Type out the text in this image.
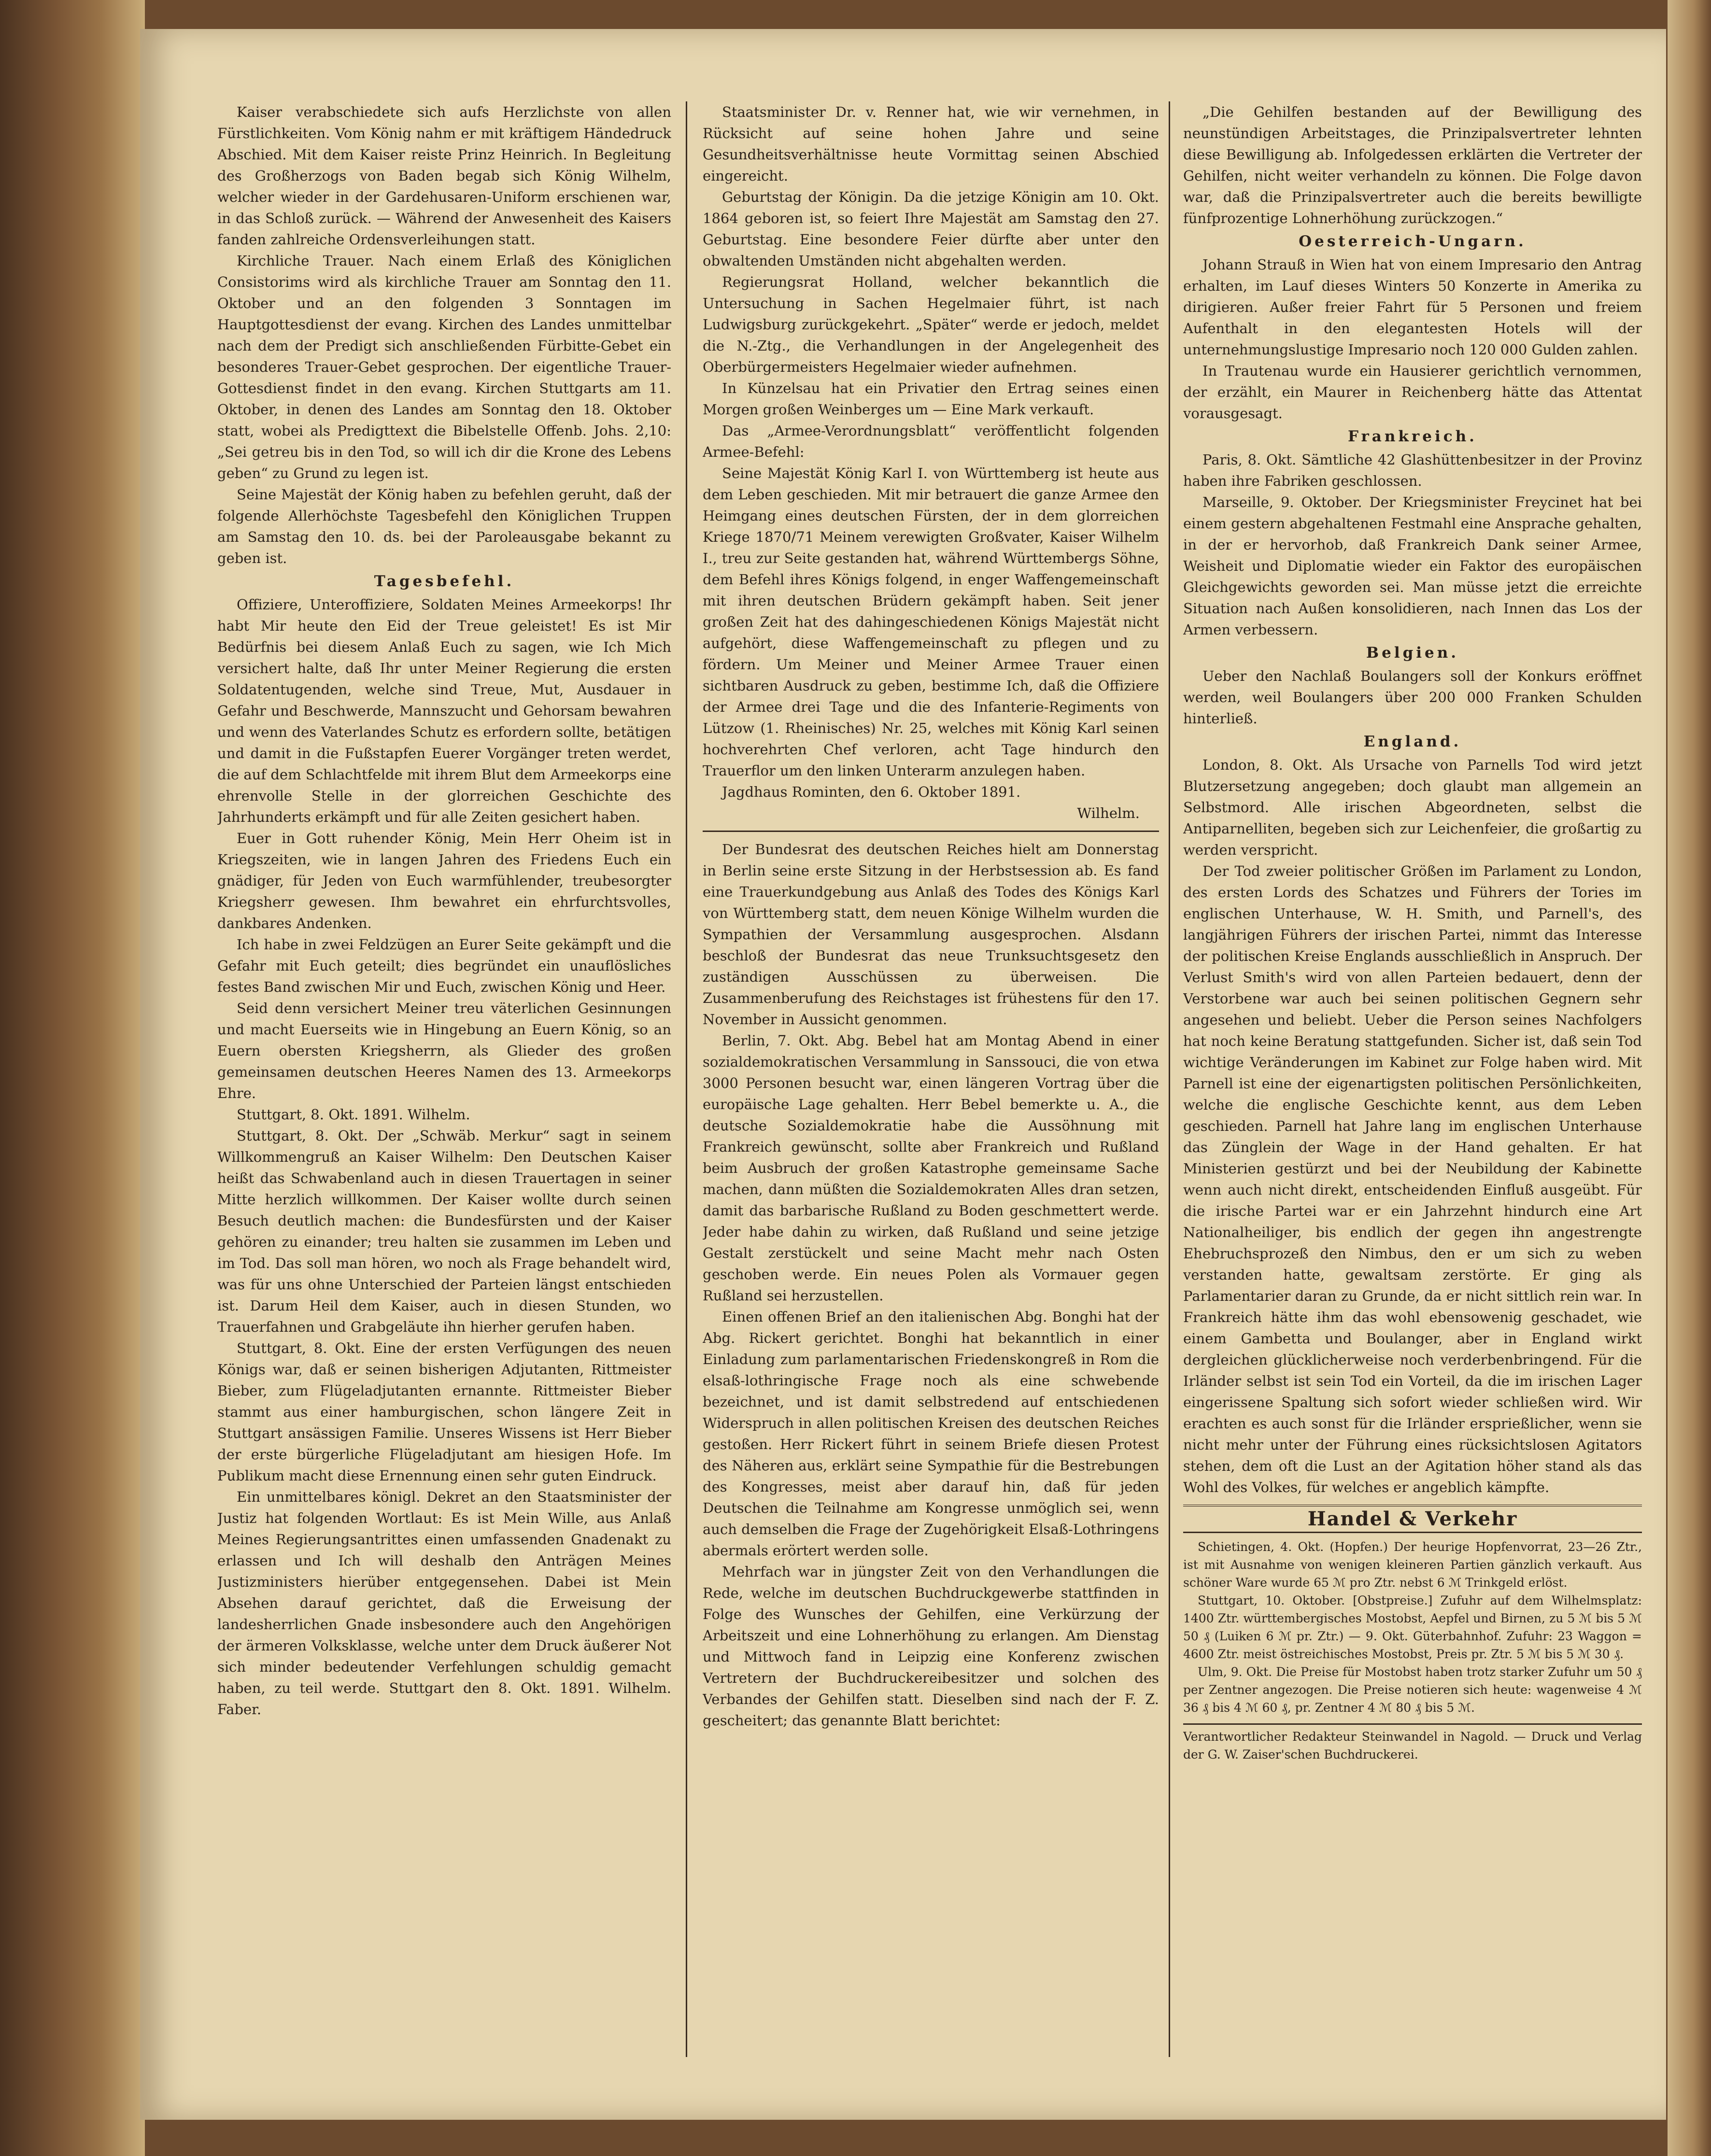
Kaiser verabschiedete sich aufs Herzlichste von allen Fürstlichkeiten. Vom König nahm er mit kräftigem Händedruck Abschied. Mit dem Kaiser reiste Prinz Heinrich. In Begleitung des Großherzogs von Baden begab sich König Wilhelm, welcher wieder in der Gardehusaren-Uniform erschienen war, in das Schloß zurück. — Während der Anwesenheit des Kaisers fanden zahlreiche Ordensverleihungen statt.

Kirchliche Trauer. Nach einem Erlaß des Königlichen Consistorims wird als kirchliche Trauer am Sonntag den 11. Oktober und an den folgenden 3 Sonntagen im Hauptgottesdienst der evang. Kirchen des Landes unmittelbar nach dem der Predigt sich anschließenden Fürbitte-Gebet ein besonderes Trauer-Gebet gesprochen. Der eigentliche Trauer-Gottesdienst findet in den evang. Kirchen Stuttgarts am 11. Oktober, in denen des Landes am Sonntag den 18. Oktober statt, wobei als Predigttext die Bibelstelle Offenb. Johs. 2,10: „Sei getreu bis in den Tod, so will ich dir die Krone des Lebens geben“ zu Grund zu legen ist.

Seine Majestät der König haben zu befehlen geruht, daß der folgende Allerhöchste Tagesbefehl den Königlichen Truppen am Samstag den 10. ds. bei der Paroleausgabe bekannt zu geben ist.

Tagesbefehl.

Offiziere, Unteroffiziere, Soldaten Meines Armeekorps! Ihr habt Mir heute den Eid der Treue geleistet! Es ist Mir Bedürfnis bei diesem Anlaß Euch zu sagen, wie Ich Mich versichert halte, daß Ihr unter Meiner Regierung die ersten Soldatentugenden, welche sind Treue, Mut, Ausdauer in Gefahr und Beschwerde, Mannszucht und Gehorsam bewahren und wenn des Vaterlandes Schutz es erfordern sollte, betätigen und damit in die Fußstapfen Euerer Vorgänger treten werdet, die auf dem Schlachtfelde mit ihrem Blut dem Armeekorps eine ehrenvolle Stelle in der glorreichen Geschichte des Jahrhunderts erkämpft und für alle Zeiten gesichert haben.

Euer in Gott ruhender König, Mein Herr Oheim ist in Kriegszeiten, wie in langen Jahren des Friedens Euch ein gnädiger, für Jeden von Euch warmfühlender, treubesorgter Kriegsherr gewesen. Ihm bewahret ein ehrfurchtsvolles, dankbares Andenken.

Ich habe in zwei Feldzügen an Eurer Seite gekämpft und die Gefahr mit Euch geteilt; dies begründet ein unauflösliches festes Band zwischen Mir und Euch, zwischen König und Heer.

Seid denn versichert Meiner treu väterlichen Gesinnungen und macht Euerseits wie in Hingebung an Euern König, so an Euern obersten Kriegsherrn, als Glieder des großen gemeinsamen deutschen Heeres Namen des 13. Armeekorps Ehre.

Stuttgart, 8. Okt. 1891. Wilhelm.

Stuttgart, 8. Okt. Der „Schwäb. Merkur“ sagt in seinem Willkommengruß an Kaiser Wilhelm: Den Deutschen Kaiser heißt das Schwabenland auch in diesen Trauertagen in seiner Mitte herzlich willkommen. Der Kaiser wollte durch seinen Besuch deutlich machen: die Bundesfürsten und der Kaiser gehören zu einander; treu halten sie zusammen im Leben und im Tod. Das soll man hören, wo noch als Frage behandelt wird, was für uns ohne Unterschied der Parteien längst entschieden ist. Darum Heil dem Kaiser, auch in diesen Stunden, wo Trauerfahnen und Grabgeläute ihn hierher gerufen haben.

Stuttgart, 8. Okt. Eine der ersten Verfügungen des neuen Königs war, daß er seinen bisherigen Adjutanten, Rittmeister Bieber, zum Flügeladjutanten ernannte. Rittmeister Bieber stammt aus einer hamburgischen, schon längere Zeit in Stuttgart ansässigen Familie. Unseres Wissens ist Herr Bieber der erste bürgerliche Flügeladjutant am hiesigen Hofe. Im Publikum macht diese Ernennung einen sehr guten Eindruck.

Ein unmittelbares königl. Dekret an den Staatsminister der Justiz hat folgenden Wortlaut: Es ist Mein Wille, aus Anlaß Meines Regierungsantrittes einen umfassenden Gnadenakt zu erlassen und Ich will deshalb den Anträgen Meines Justizministers hierüber entgegensehen. Dabei ist Mein Absehen darauf gerichtet, daß die Erweisung der landesherrlichen Gnade insbesondere auch den Angehörigen der ärmeren Volksklasse, welche unter dem Druck äußerer Not sich minder bedeutender Verfehlungen schuldig gemacht haben, zu teil werde. Stuttgart den 8. Okt. 1891. Wilhelm. Faber.

Staatsminister Dr. v. Renner hat, wie wir vernehmen, in Rücksicht auf seine hohen Jahre und seine Gesundheitsverhältnisse heute Vormittag seinen Abschied eingereicht.

Geburtstag der Königin. Da die jetzige Königin am 10. Okt. 1864 geboren ist, so feiert Ihre Majestät am Samstag den 27. Geburtstag. Eine besondere Feier dürfte aber unter den obwaltenden Umständen nicht abgehalten werden.

Regierungsrat Holland, welcher bekanntlich die Untersuchung in Sachen Hegelmaier führt, ist nach Ludwigsburg zurückgekehrt. „Später“ werde er jedoch, meldet die N.-Ztg., die Verhandlungen in der Angelegenheit des Oberbürgermeisters Hegelmaier wieder aufnehmen.

In Künzelsau hat ein Privatier den Ertrag seines einen Morgen großen Weinberges um — Eine Mark verkauft.

Das „Armee-Verordnungsblatt“ veröffentlicht folgenden Armee-Befehl:

Seine Majestät König Karl I. von Württemberg ist heute aus dem Leben geschieden. Mit mir betrauert die ganze Armee den Heimgang eines deutschen Fürsten, der in dem glorreichen Kriege 1870/71 Meinem verewigten Großvater, Kaiser Wilhelm I., treu zur Seite gestanden hat, während Württembergs Söhne, dem Befehl ihres Königs folgend, in enger Waffengemeinschaft mit ihren deutschen Brüdern gekämpft haben. Seit jener großen Zeit hat des dahingeschiedenen Königs Majestät nicht aufgehört, diese Waffengemeinschaft zu pflegen und zu fördern. Um Meiner und Meiner Armee Trauer einen sichtbaren Ausdruck zu geben, bestimme Ich, daß die Offiziere der Armee drei Tage und die des Infanterie-Regiments von Lützow (1. Rheinisches) Nr. 25, welches mit König Karl seinen hochverehrten Chef verloren, acht Tage hindurch den Trauerflor um den linken Unterarm anzulegen haben.

Jagdhaus Rominten, den 6. Oktober 1891.

Wilhelm.

Der Bundesrat des deutschen Reiches hielt am Donnerstag in Berlin seine erste Sitzung in der Herbstsession ab. Es fand eine Trauerkundgebung aus Anlaß des Todes des Königs Karl von Württemberg statt, dem neuen Könige Wilhelm wurden die Sympathien der Versammlung ausgesprochen. Alsdann beschloß der Bundesrat das neue Trunksuchtsgesetz den zuständigen Ausschüssen zu überweisen. Die Zusammenberufung des Reichstages ist frühestens für den 17. November in Aussicht genommen.

Berlin, 7. Okt. Abg. Bebel hat am Montag Abend in einer sozialdemokratischen Versammlung in Sanssouci, die von etwa 3000 Personen besucht war, einen längeren Vortrag über die europäische Lage gehalten. Herr Bebel bemerkte u. A., die deutsche Sozialdemokratie habe die Aussöhnung mit Frankreich gewünscht, sollte aber Frankreich und Rußland beim Ausbruch der großen Katastrophe gemeinsame Sache machen, dann müßten die Sozialdemokraten Alles dran setzen, damit das barbarische Rußland zu Boden geschmettert werde. Jeder habe dahin zu wirken, daß Rußland und seine jetzige Gestalt zerstückelt und seine Macht mehr nach Osten geschoben werde. Ein neues Polen als Vormauer gegen Rußland sei herzustellen.

Einen offenen Brief an den italienischen Abg. Bonghi hat der Abg. Rickert gerichtet. Bonghi hat bekanntlich in einer Einladung zum parlamentarischen Friedenskongreß in Rom die elsaß-lothringische Frage noch als eine schwebende bezeichnet, und ist damit selbstredend auf entschiedenen Widerspruch in allen politischen Kreisen des deutschen Reiches gestoßen. Herr Rickert führt in seinem Briefe diesen Protest des Näheren aus, erklärt seine Sympathie für die Bestrebungen des Kongresses, meist aber darauf hin, daß für jeden Deutschen die Teilnahme am Kongresse unmöglich sei, wenn auch demselben die Frage der Zugehörigkeit Elsaß-Lothringens abermals erörtert werden solle.

Mehrfach war in jüngster Zeit von den Verhandlungen die Rede, welche im deutschen Buchdruckgewerbe stattfinden in Folge des Wunsches der Gehilfen, eine Verkürzung der Arbeitszeit und eine Lohnerhöhung zu erlangen. Am Dienstag und Mittwoch fand in Leipzig eine Konferenz zwischen Vertretern der Buchdruckereibesitzer und solchen des Verbandes der Gehilfen statt. Dieselben sind nach der F. Z. gescheitert; das genannte Blatt berichtet:

„Die Gehilfen bestanden auf der Bewilligung des neunstündigen Arbeitstages, die Prinzipalsvertreter lehnten diese Bewilligung ab. Infolgedessen erklärten die Vertreter der Gehilfen, nicht weiter verhandeln zu können. Die Folge davon war, daß die Prinzipalsvertreter auch die bereits bewilligte fünfprozentige Lohnerhöhung zurückzogen.“

Oesterreich-Ungarn.

Johann Strauß in Wien hat von einem Impresario den Antrag erhalten, im Lauf dieses Winters 50 Konzerte in Amerika zu dirigieren. Außer freier Fahrt für 5 Personen und freiem Aufenthalt in den elegantesten Hotels will der unternehmungslustige Impresario noch 120 000 Gulden zahlen.

In Trautenau wurde ein Hausierer gerichtlich vernommen, der erzählt, ein Maurer in Reichenberg hätte das Attentat vorausgesagt.

Frankreich.

Paris, 8. Okt. Sämtliche 42 Glashüttenbesitzer in der Provinz haben ihre Fabriken geschlossen.

Marseille, 9. Oktober. Der Kriegsminister Freycinet hat bei einem gestern abgehaltenen Festmahl eine Ansprache gehalten, in der er hervorhob, daß Frankreich Dank seiner Armee, Weisheit und Diplomatie wieder ein Faktor des europäischen Gleichgewichts geworden sei. Man müsse jetzt die erreichte Situation nach Außen konsolidieren, nach Innen das Los der Armen verbessern.

Belgien.

Ueber den Nachlaß Boulangers soll der Konkurs eröffnet werden, weil Boulangers über 200 000 Franken Schulden hinterließ.

England.

London, 8. Okt. Als Ursache von Parnells Tod wird jetzt Blutzersetzung angegeben; doch glaubt man allgemein an Selbstmord. Alle irischen Abgeordneten, selbst die Antiparnelliten, begeben sich zur Leichenfeier, die großartig zu werden verspricht.

Der Tod zweier politischer Größen im Parlament zu London, des ersten Lords des Schatzes und Führers der Tories im englischen Unterhause, W. H. Smith, und Parnell's, des langjährigen Führers der irischen Partei, nimmt das Interesse der politischen Kreise Englands ausschließlich in Anspruch. Der Verlust Smith's wird von allen Parteien bedauert, denn der Verstorbene war auch bei seinen politischen Gegnern sehr angesehen und beliebt. Ueber die Person seines Nachfolgers hat noch keine Beratung stattgefunden. Sicher ist, daß sein Tod wichtige Veränderungen im Kabinet zur Folge haben wird. Mit Parnell ist eine der eigenartigsten politischen Persönlichkeiten, welche die englische Geschichte kennt, aus dem Leben geschieden. Parnell hat Jahre lang im englischen Unterhause das Zünglein der Wage in der Hand gehalten. Er hat Ministerien gestürzt und bei der Neubildung der Kabinette wenn auch nicht direkt, entscheidenden Einfluß ausgeübt. Für die irische Partei war er ein Jahrzehnt hindurch eine Art Nationalheiliger, bis endlich der gegen ihn angestrengte Ehebruchsprozeß den Nimbus, den er um sich zu weben verstanden hatte, gewaltsam zerstörte. Er ging als Parlamentarier daran zu Grunde, da er nicht sittlich rein war. In Frankreich hätte ihm das wohl ebensowenig geschadet, wie einem Gambetta und Boulanger, aber in England wirkt dergleichen glücklicherweise noch verderbenbringend. Für die Irländer selbst ist sein Tod ein Vorteil, da die im irischen Lager eingerissene Spaltung sich sofort wieder schließen wird. Wir erachten es auch sonst für die Irländer ersprießlicher, wenn sie nicht mehr unter der Führung eines rücksichtslosen Agitators stehen, dem oft die Lust an der Agitation höher stand als das Wohl des Volkes, für welches er angeblich kämpfte.

Handel & Verkehr

Schietingen, 4. Okt. (Hopfen.) Der heurige Hopfenvorrat, 23—26 Ztr., ist mit Ausnahme von wenigen kleineren Partien gänzlich verkauft. Aus schöner Ware wurde 65 ℳ pro Ztr. nebst 6 ℳ Trinkgeld erlöst.

Stuttgart, 10. Oktober. [Obstpreise.] Zufuhr auf dem Wilhelmsplatz: 1400 Ztr. württembergisches Mostobst, Aepfel und Birnen, zu 5 ℳ bis 5 ℳ 50 ₰ (Luiken 6 ℳ pr. Ztr.) — 9. Okt. Güterbahnhof. Zufuhr: 23 Waggon = 4600 Ztr. meist östreichisches Mostobst, Preis pr. Ztr. 5 ℳ bis 5 ℳ 30 ₰.

Ulm, 9. Okt. Die Preise für Mostobst haben trotz starker Zufuhr um 50 ₰ per Zentner angezogen. Die Preise notieren sich heute: wagenweise 4 ℳ 36 ₰ bis 4 ℳ 60 ₰, pr. Zentner 4 ℳ 80 ₰ bis 5 ℳ.

Verantwortlicher Redakteur Steinwandel in Nagold. — Druck und Verlag der G. W. Zaiser'schen Buchdruckerei.
